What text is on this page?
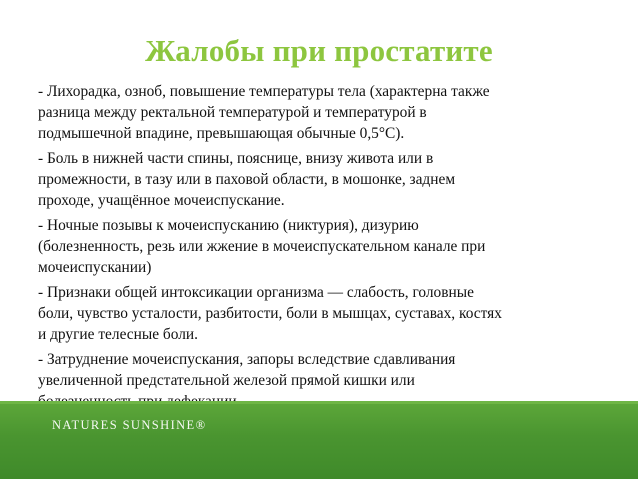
Жалобы при простатите
- Лихорадка, озноб, повышение температуры тела (характерна также
разница между ректальной температурой и температурой в
подмышечной впадине, превышающая обычные 0,5°C).
- Боль в нижней части спины, пояснице, внизу живота или в
промежности, в тазу или в паховой области, в мошонке, заднем
проходе, учащённое мочеиспускание.
- Ночные позывы к мочеиспусканию (никтурия), дизурию
(болезненность, резь или жжение в мочеиспускательном канале при
мочеиспускании)
- Признаки общей интоксикации организма — слабость, головные
боли, чувство усталости, разбитости, боли в мышцах, суставах, костях
и другие телесные боли.
- Затруднение мочеиспускания, запоры вследствие сдавливания
увеличенной предстательной железой прямой кишки или
NATURES SUNSHINE®
